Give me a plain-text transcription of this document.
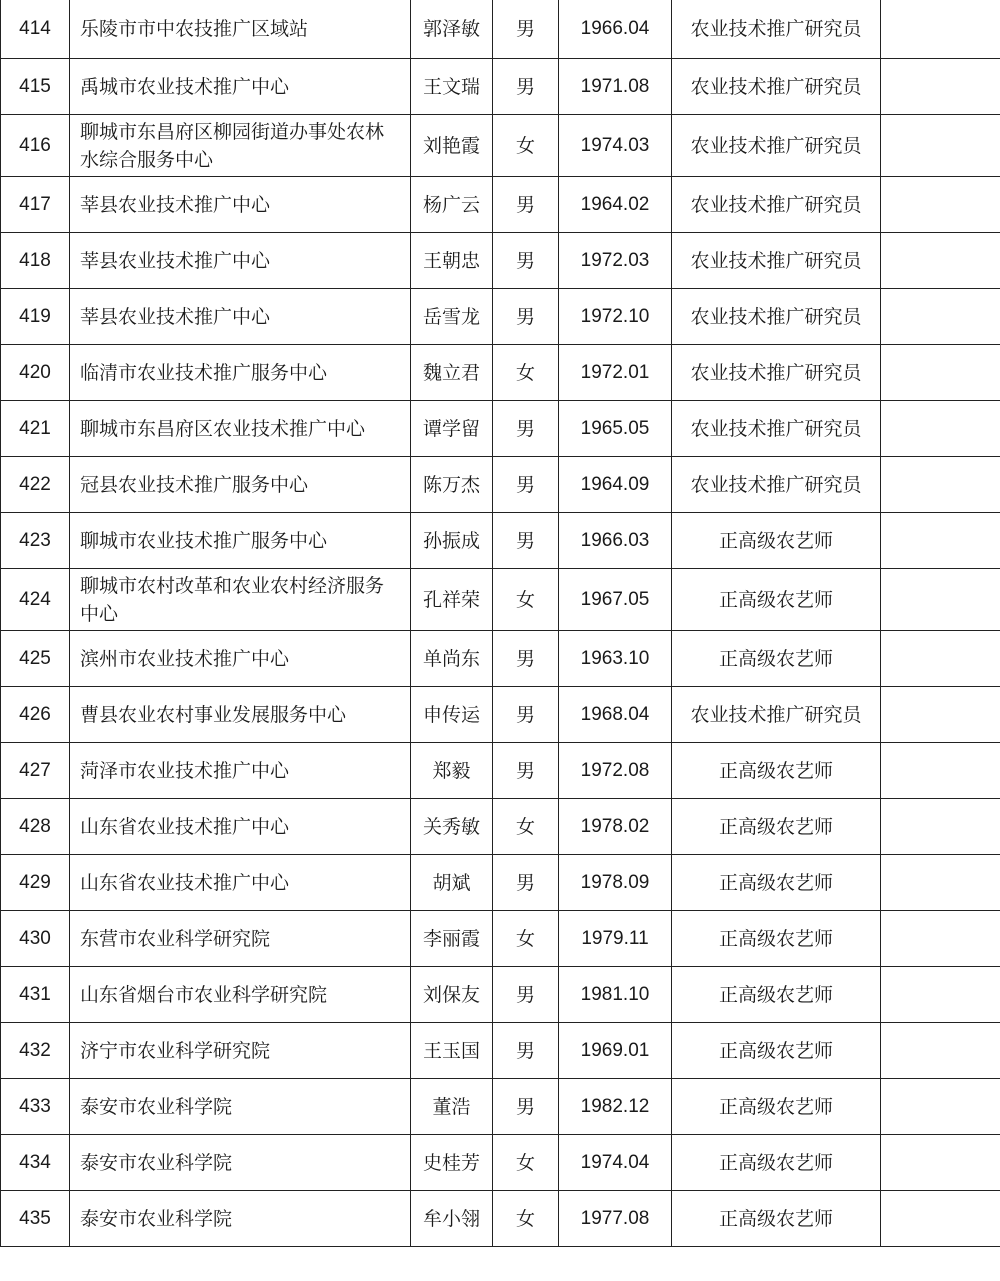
414	乐陵市市中农技推广区域站	郭泽敏	男	1966.04	农业技术推广研究员	
415	禹城市农业技术推广中心	王文瑞	男	1971.08	农业技术推广研究员	
416	聊城市东昌府区柳园街道办事处农林水综合服务中心	刘艳霞	女	1974.03	农业技术推广研究员	
417	莘县农业技术推广中心	杨广云	男	1964.02	农业技术推广研究员	
418	莘县农业技术推广中心	王朝忠	男	1972.03	农业技术推广研究员	
419	莘县农业技术推广中心	岳雪龙	男	1972.10	农业技术推广研究员	
420	临清市农业技术推广服务中心	魏立君	女	1972.01	农业技术推广研究员	
421	聊城市东昌府区农业技术推广中心	谭学留	男	1965.05	农业技术推广研究员	
422	冠县农业技术推广服务中心	陈万杰	男	1964.09	农业技术推广研究员	
423	聊城市农业技术推广服务中心	孙振成	男	1966.03	正高级农艺师	
424	聊城市农村改革和农业农村经济服务中心	孔祥荣	女	1967.05	正高级农艺师	
425	滨州市农业技术推广中心	单尚东	男	1963.10	正高级农艺师	
426	曹县农业农村事业发展服务中心	申传运	男	1968.04	农业技术推广研究员	
427	菏泽市农业技术推广中心	郑毅	男	1972.08	正高级农艺师	
428	山东省农业技术推广中心	关秀敏	女	1978.02	正高级农艺师	
429	山东省农业技术推广中心	胡斌	男	1978.09	正高级农艺师	
430	东营市农业科学研究院	李丽霞	女	1979.11	正高级农艺师	
431	山东省烟台市农业科学研究院	刘保友	男	1981.10	正高级农艺师	
432	济宁市农业科学研究院	王玉国	男	1969.01	正高级农艺师	
433	泰安市农业科学院	董浩	男	1982.12	正高级农艺师	
434	泰安市农业科学院	史桂芳	女	1974.04	正高级农艺师	
435	泰安市农业科学院	牟小翎	女	1977.08	正高级农艺师	
